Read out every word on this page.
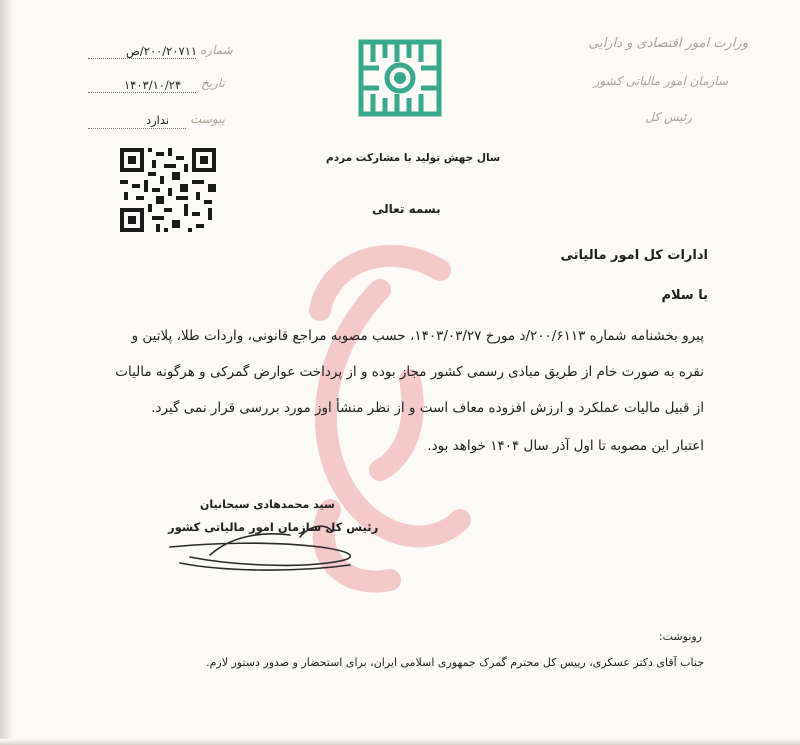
وزارت امور اقتصادی و دارایی
سازمان امور مالیاتی کشور
رئیس کل
سال جهش تولید با مشارکت مردم
بسمه تعالی
شماره
۲۰۰/۲۰۷۱۱/ص
تاریخ
۱۴۰۳/۱۰/۲۴
پیوست
ندارد
ادارات کل امور مالیاتی
با سلام
پیرو بخشنامه شماره ۲۰۰/۶۱۱۳/د مورخ ۱۴۰۳/۰۳/۲۷، حسب مصوبه مراجع قانونی، واردات طلا، پلاتین و
نقره به صورت خام از طریق مبادی رسمی کشور مجاز بوده و از پرداخت عوارض گمرکی و هرگونه مالیات
از قبیل مالیات عملکرد و ارزش افزوده معاف است و از نظر منشأ اوز مورد بررسی قرار نمی گیرد.
اعتبار این مصوبه تا اول آذر سال ۱۴۰۴ خواهد بود.
سید محمدهادی سبحانیان
رئیس کل سازمان امور مالیاتی کشور
رونوشت:
جناب آقای دکتر عسکری، رییس کل محترم گمرک جمهوری اسلامی ایران، برای استحضار و صدور دستور لازم.
